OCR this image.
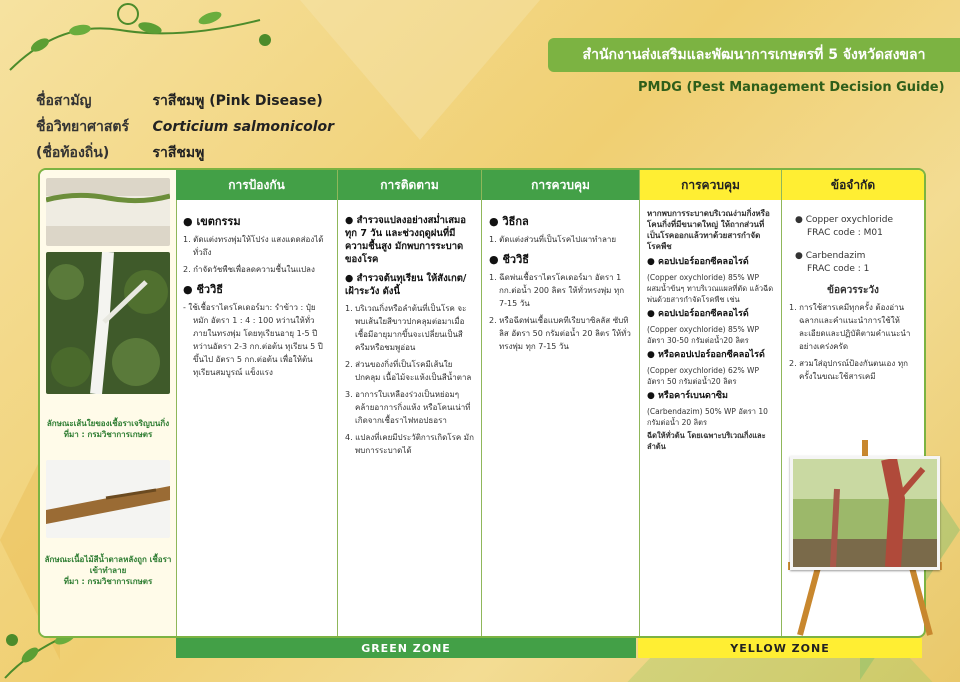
สำนักงานส่งเสริมและพัฒนาการเกษตรที่ 5 จังหวัดสงขลา
PMDG (Pest Management Decision Guide)
ชื่อสามัญ	ราสีชมพู (Pink Disease)
ชื่อวิทยาศาสตร์ Corticium salmonicolor
(ชื่อท้องถิ่น)	ราสีชมพู
ลักษณะเส้นใยของเชื้อราเจริญบนกิ่ง
ที่มา : กรมวิชาการเกษตร
ลักษณะเนื้อไม้สีน้ำตาลหลังถูก เชื้อราเข้าทำลาย
ที่มา : กรมวิชาการเกษตร
การป้องกัน
● เขตกรรม
1. ตัดแต่งทรงพุ่มให้โปร่ง แสงแดดส่องได้ทั่วถึง
2. กำจัดวัชพืชเพื่อลดความชื้นในแปลง
● ชีววิธี
- ใช้เชื้อราไตรโคเดอร์มา: รำข้าว : ปุ๋ยหมัก อัตรา 1 : 4 : 100 หว่านให้ทั่วภายในทรงพุ่ม โดยทุเรียนอายุ 1-5 ปี หว่านอัตรา 2-3 กก.ต่อต้น ทุเรียน 5 ปี ขึ้นไป อัตรา 5 กก.ต่อต้น เพื่อให้ต้นทุเรียนสมบูรณ์ แข็งแรง
การติดตาม
● สำรวจแปลงอย่างสม่ำเสมอ ทุก 7 วัน และช่วงฤดูฝนที่มีความชื้นสูง มักพบการระบาดของโรค
● สำรวจต้นทุเรียน ให้สังเกต/เฝ้าระวัง ดังนี้
1. บริเวณกิ่งหรือลำต้นที่เป็นโรค จะพบเส้นใยสีขาวปกคลุมต่อมาเมื่อเชื้อมีอายุมากขึ้นจะเปลี่ยนเป็นสีครีมหรือชมพูอ่อน
2. ส่วนของกิ่งที่เป็นโรคมีเส้นใยปกคลุม เนื้อไม้จะแห้งเป็นสีน้ำตาล
3. อาการใบเหลืองร่วงเป็นหย่อมๆ คล้ายอาการกิ่งแห้ง หรือโคนเน่าที่เกิดจากเชื้อราไฟทอปธอรา
4. แปลงที่เคยมีประวัติการเกิดโรค มักพบการระบาดได้
การควบคุม
● วิธีกล
1. ตัดแต่งส่วนที่เป็นโรคไปเผาทำลาย
● ชีววิธี
1. ฉีดพ่นเชื้อราไตรโคเดอร์มา อัตรา 1 กก.ต่อน้ำ 200 ลิตร ให้ทั่วทรงพุ่ม ทุก 7-15 วัน
2. หรือฉีดพ่นเชื้อแบคทีเรียบาซิลลัส ซับทิลิส อัตรา 50 กรัมต่อน้ำ 20 ลิตร ให้ทั่วทรงพุ่ม ทุก 7-15 วัน
การควบคุม
หากพบการระบาดบริเวณง่ามกิ่งหรือโคนกิ่งที่มีขนาดใหญ่ ให้ถากส่วนที่เป็นโรคออกแล้วทาด้วยสารกำจัดโรคพืช
● คอปเปอร์ออกซีคลอไรด์
(Copper oxychloride) 85% WP ผสมน้ำข้นๆ ทาบริเวณแผลที่ตัด แล้วฉีดพ่นด้วยสารกำจัดโรคพืช เช่น
● คอปเปอร์ออกซีคลอไรด์
(Copper oxychloride) 85% WP อัตรา 30-50 กรัมต่อน้ำ20 ลิตร
● หรือคอปเปอร์ออกซีคลอไรด์
(Copper oxychloride) 62% WP อัตรา 50 กรัมต่อน้ำ20 ลิตร
● หรือคาร์เบนดาซิม
(Carbendazim) 50% WP อัตรา 10 กรัมต่อน้ำ 20 ลิตร
ฉีดให้ทั่วต้น โดยเฉพาะบริเวณกิ่งและลำต้น
ข้อจำกัด
● Copper oxychloride
FRAC code : M01
● Carbendazim
FRAC code : 1
ข้อควรระวัง
1. การใช้สารเคมีทุกครั้ง ต้องอ่านฉลากและคำแนะนำการใช้ให้ละเอียดและปฏิบัติตามคำแนะนำอย่างเคร่งครัด
2. สวมใส่อุปกรณ์ป้องกันตนเอง ทุกครั้งในขณะใช้สารเคมี
GREEN ZONE	YELLOW ZONE
